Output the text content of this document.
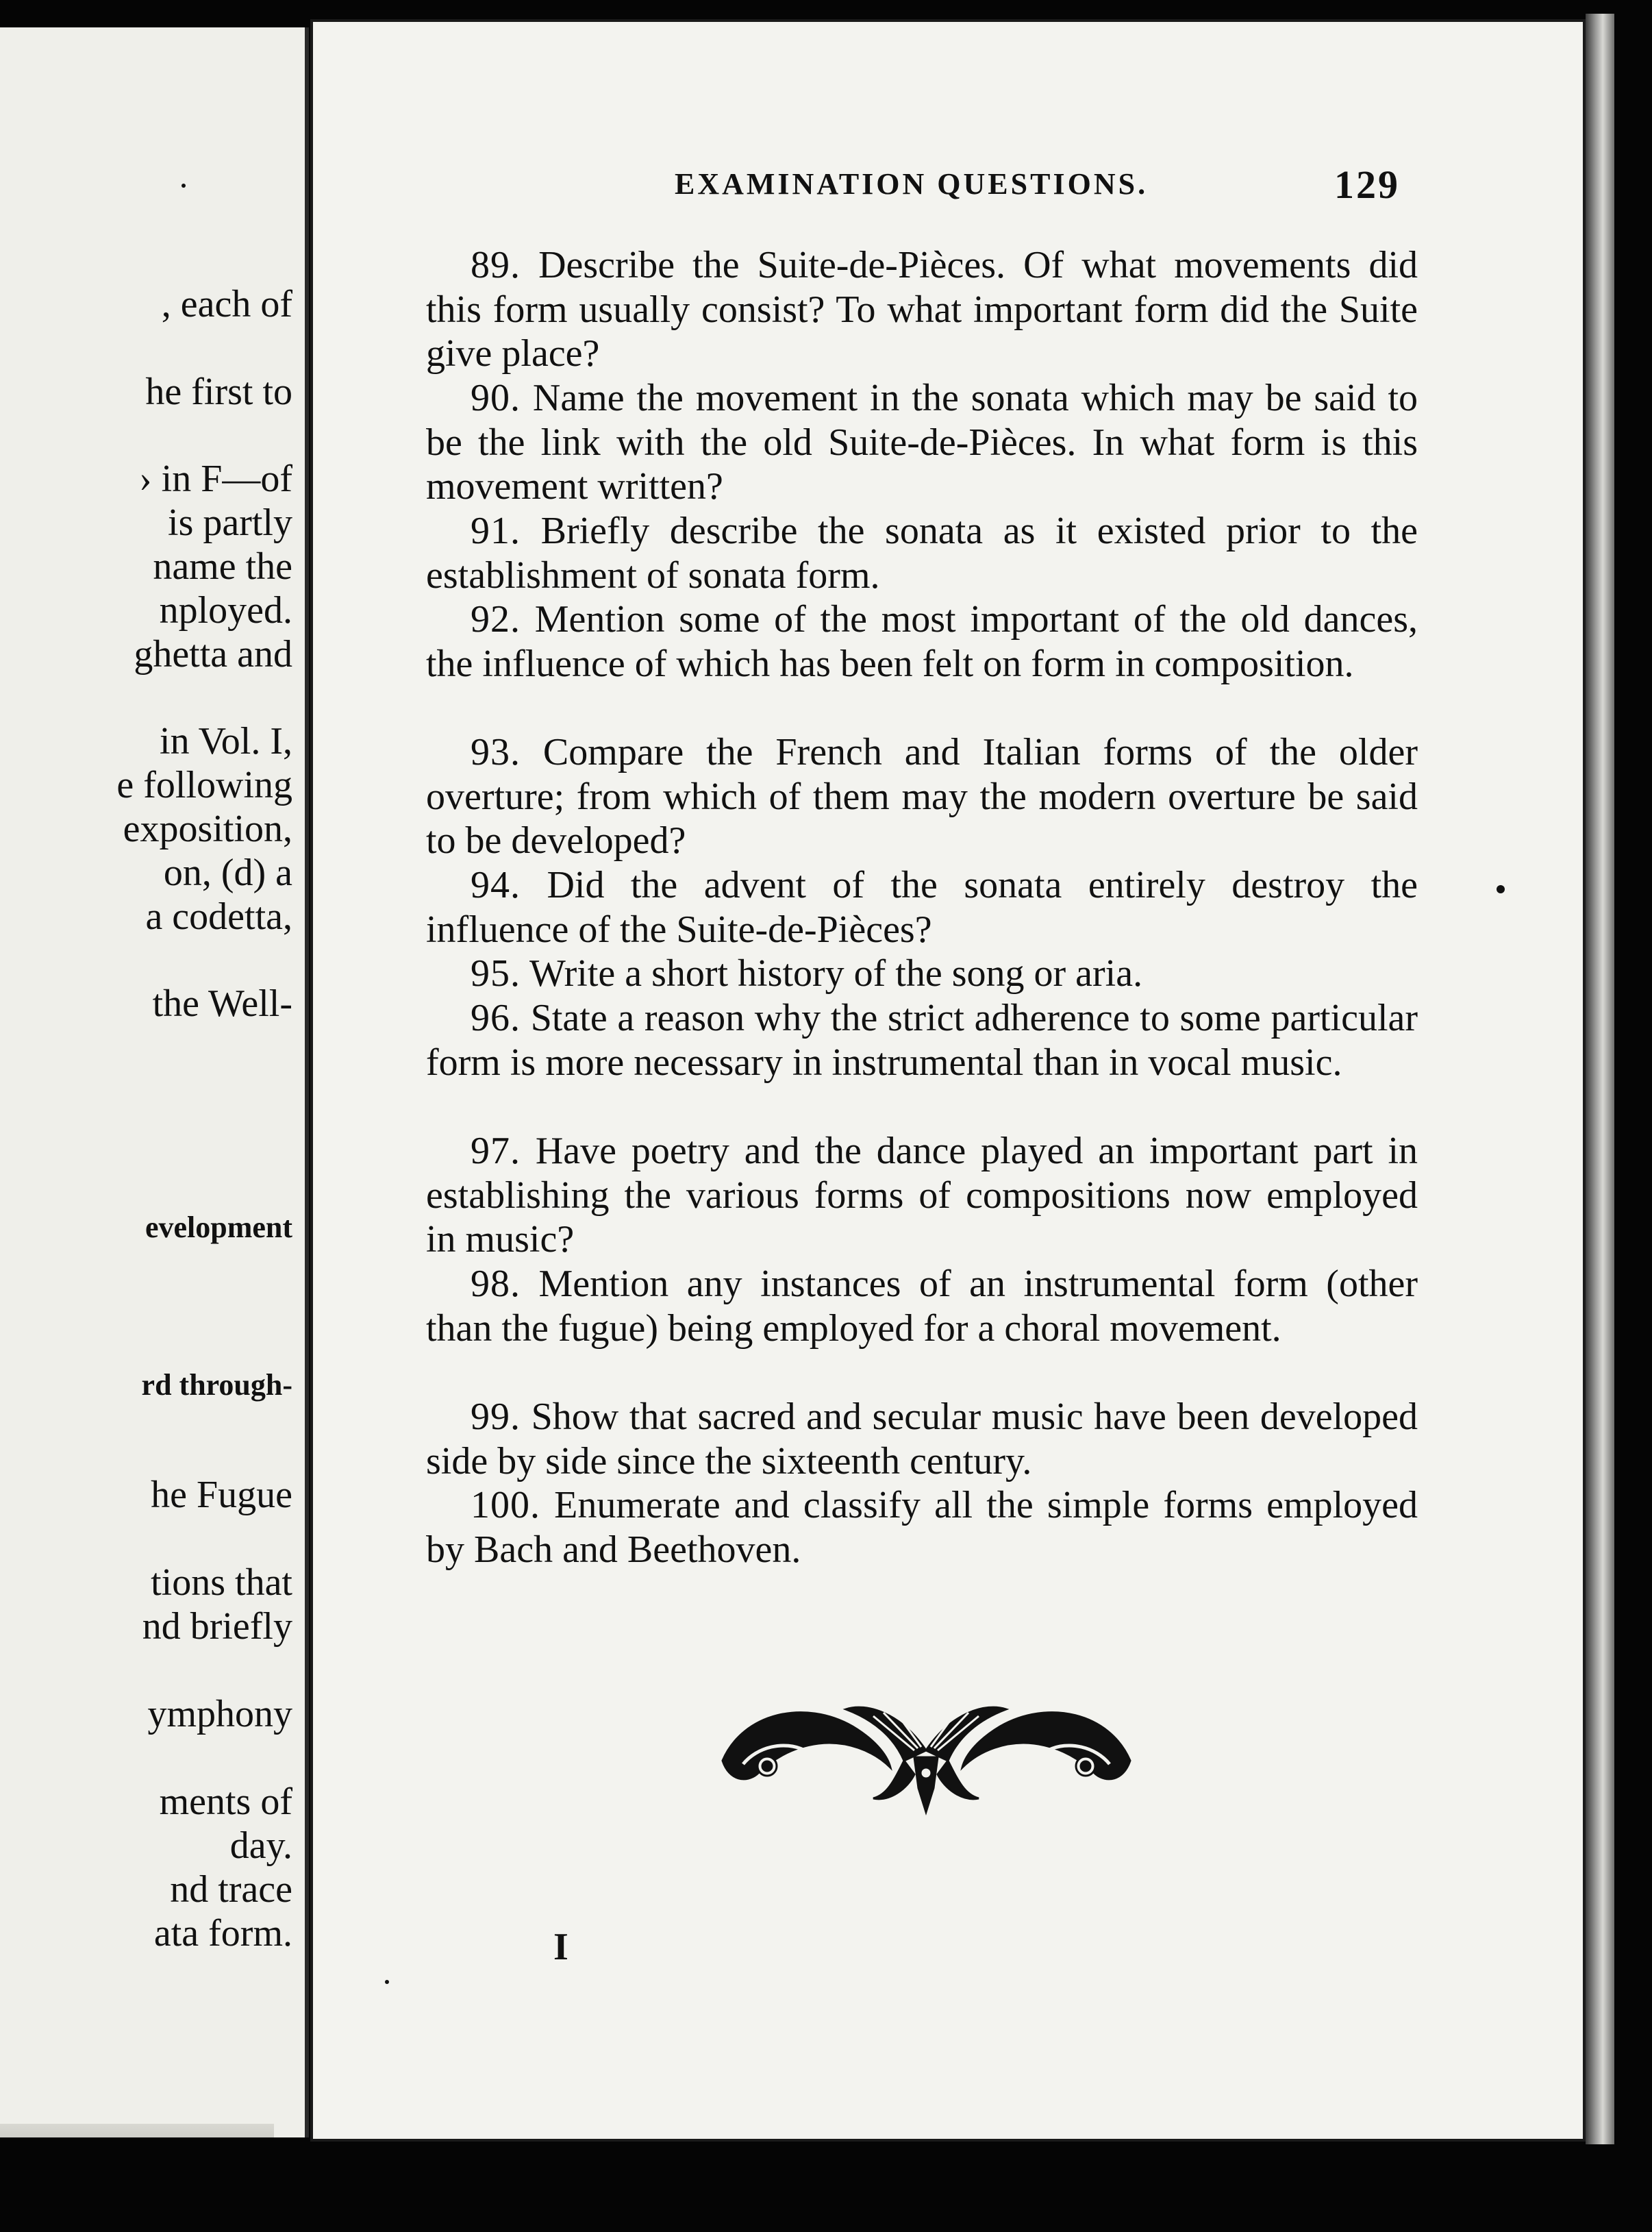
, each of
he first to
› in F—of
is partly
name the
nployed.
ghetta and
in Vol. I,
e following
exposition,
on, (d) a
a codetta,
the Well-
evelopment
rd through-
he Fugue
tions that
nd briefly
ymphony
ments of
day.
nd trace
ata form.
EXAMINATION QUESTIONS.	129
89. Describe the Suite-de-Pièces. Of what movements did this form usually consist? To what important form did the Suite give place?
90. Name the movement in the sonata which may be said to be the link with the old Suite-de-Pièces. In what form is this movement written?
91. Briefly describe the sonata as it existed prior to the establishment of sonata form.
92. Mention some of the most important of the old dances, the influence of which has been felt on form in composition.
93. Compare the French and Italian forms of the older overture; from which of them may the modern overture be said to be developed?
94. Did the advent of the sonata entirely destroy the influence of the Suite-de-Pièces?
95. Write a short history of the song or aria.
96. State a reason why the strict adherence to some particular form is more necessary in instrumental than in vocal music.
97. Have poetry and the dance played an important part in establishing the various forms of compositions now employed in music?
98. Mention any instances of an instrumental form (other than the fugue) being employed for a choral movement.
99. Show that sacred and secular music have been developed side by side since the sixteenth century.
100. Enumerate and classify all the simple forms employed by Bach and Beethoven.
I
